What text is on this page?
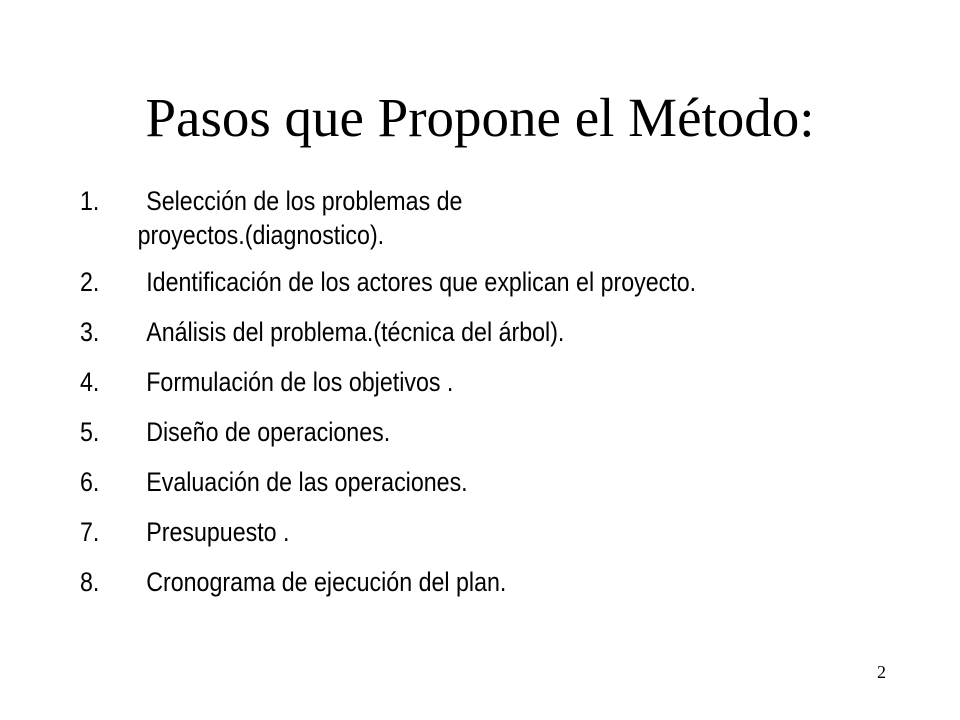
Pasos que Propone el Método:
1. Selección de los problemas de
proyectos.(diagnostico).
2. Identificación de los actores que explican el proyecto.
3. Análisis del problema.(técnica del árbol).
4. Formulación de los objetivos .
5. Diseño de operaciones.
6. Evaluación de las operaciones.
7. Presupuesto .
8. Cronograma de ejecución del plan.
2
